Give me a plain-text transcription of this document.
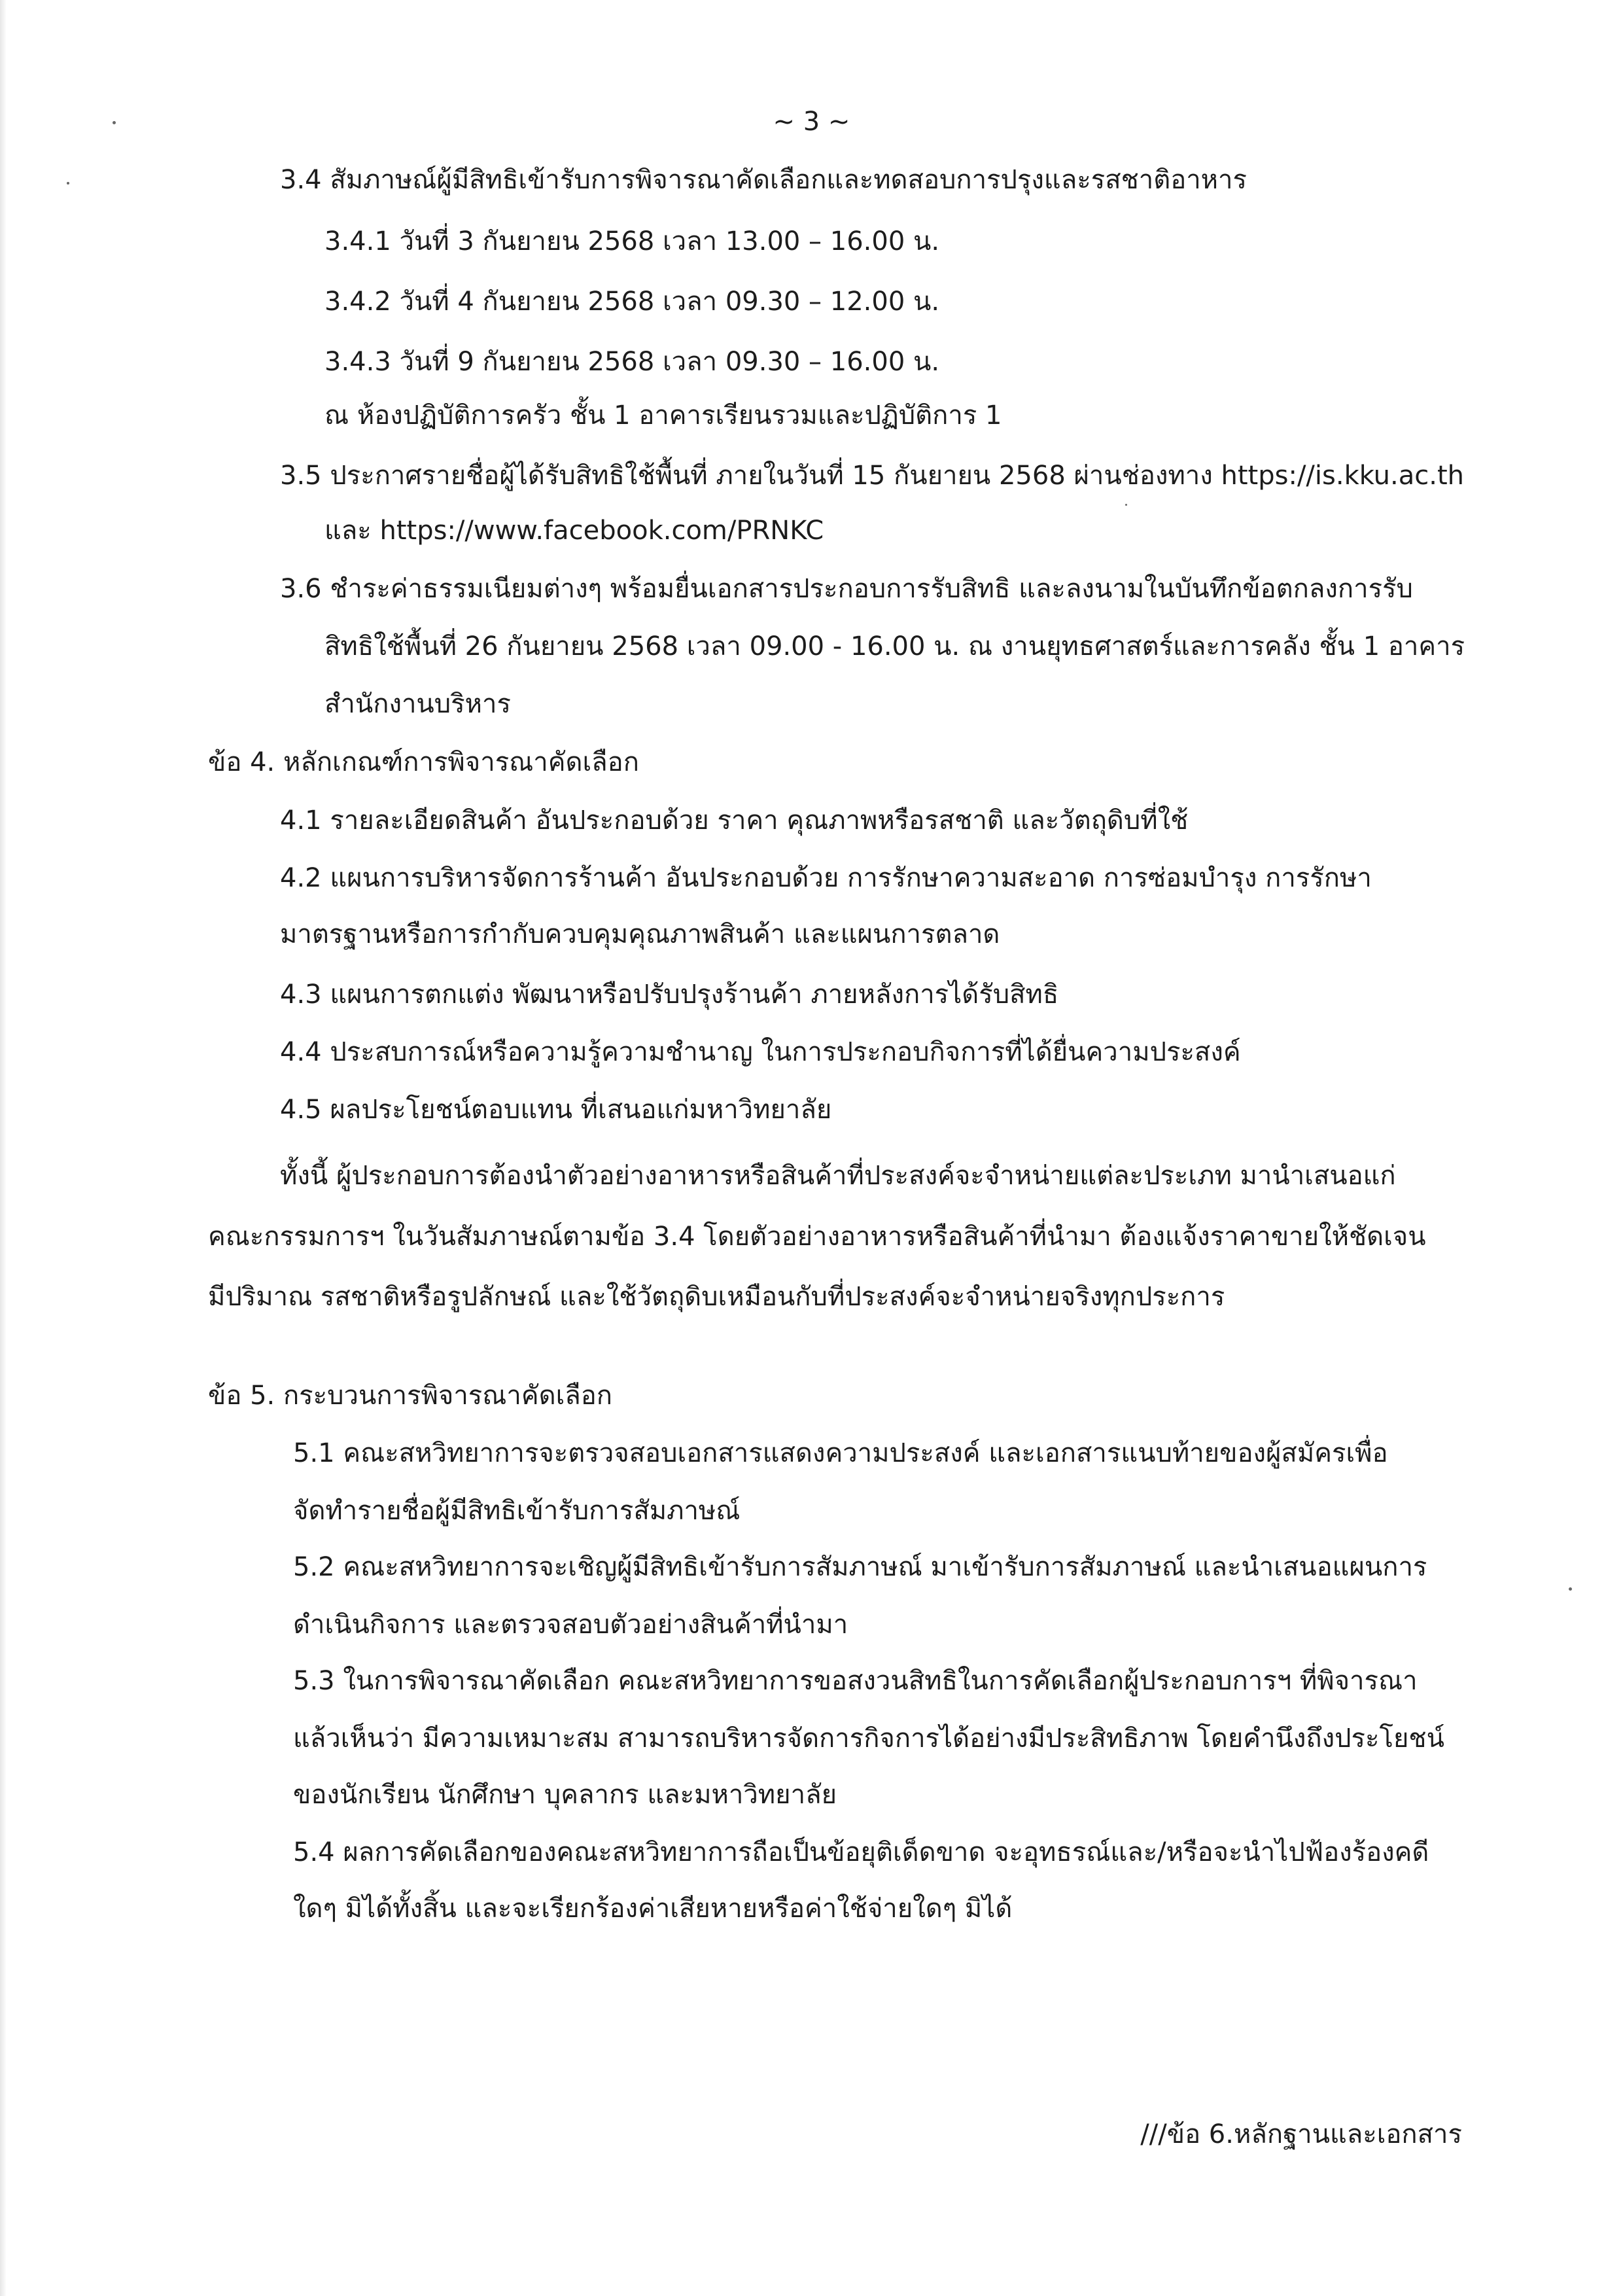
~ 3 ~
3.4 สัมภาษณ์ผู้มีสิทธิเข้ารับการพิจารณาคัดเลือกและทดสอบการปรุงและรสชาติอาหาร
3.4.1 วันที่ 3 กันยายน 2568 เวลา 13.00 – 16.00 น.
3.4.2 วันที่ 4 กันยายน 2568 เวลา 09.30 – 12.00 น.
3.4.3 วันที่ 9 กันยายน 2568 เวลา 09.30 – 16.00 น.
ณ ห้องปฏิบัติการครัว ชั้น 1 อาคารเรียนรวมและปฏิบัติการ 1
3.5 ประกาศรายชื่อผู้ได้รับสิทธิใช้พื้นที่ ภายในวันที่ 15 กันยายน 2568 ผ่านช่องทาง https://is.kku.ac.th
และ https://www.facebook.com/PRNKC
3.6 ชำระค่าธรรมเนียมต่างๆ พร้อมยื่นเอกสารประกอบการรับสิทธิ และลงนามในบันทึกข้อตกลงการรับ
สิทธิใช้พื้นที่ 26 กันยายน 2568 เวลา 09.00 - 16.00 น. ณ งานยุทธศาสตร์และการคลัง ชั้น 1 อาคาร
สำนักงานบริหาร
ข้อ 4. หลักเกณฑ์การพิจารณาคัดเลือก
4.1 รายละเอียดสินค้า อันประกอบด้วย ราคา คุณภาพหรือรสชาติ และวัตถุดิบที่ใช้
4.2 แผนการบริหารจัดการร้านค้า อันประกอบด้วย การรักษาความสะอาด การซ่อมบำรุง การรักษา
มาตรฐานหรือการกำกับควบคุมคุณภาพสินค้า และแผนการตลาด
4.3 แผนการตกแต่ง พัฒนาหรือปรับปรุงร้านค้า ภายหลังการได้รับสิทธิ
4.4 ประสบการณ์หรือความรู้ความชำนาญ ในการประกอบกิจการที่ได้ยื่นความประสงค์
4.5 ผลประโยชน์ตอบแทน ที่เสนอแก่มหาวิทยาลัย
ทั้งนี้ ผู้ประกอบการต้องนำตัวอย่างอาหารหรือสินค้าที่ประสงค์จะจำหน่ายแต่ละประเภท มานำเสนอแก่
คณะกรรมการฯ ในวันสัมภาษณ์ตามข้อ 3.4 โดยตัวอย่างอาหารหรือสินค้าที่นำมา ต้องแจ้งราคาขายให้ชัดเจน
มีปริมาณ รสชาติหรือรูปลักษณ์ และใช้วัตถุดิบเหมือนกับที่ประสงค์จะจำหน่ายจริงทุกประการ
ข้อ 5. กระบวนการพิจารณาคัดเลือก
5.1 คณะสหวิทยาการจะตรวจสอบเอกสารแสดงความประสงค์ และเอกสารแนบท้ายของผู้สมัครเพื่อ
จัดทำรายชื่อผู้มีสิทธิเข้ารับการสัมภาษณ์
5.2 คณะสหวิทยาการจะเชิญผู้มีสิทธิเข้ารับการสัมภาษณ์ มาเข้ารับการสัมภาษณ์ และนำเสนอแผนการ
ดำเนินกิจการ และตรวจสอบตัวอย่างสินค้าที่นำมา
5.3 ในการพิจารณาคัดเลือก คณะสหวิทยาการขอสงวนสิทธิในการคัดเลือกผู้ประกอบการฯ ที่พิจารณา
แล้วเห็นว่า มีความเหมาะสม สามารถบริหารจัดการกิจการได้อย่างมีประสิทธิภาพ โดยคำนึงถึงประโยชน์
ของนักเรียน นักศึกษา บุคลากร และมหาวิทยาลัย
5.4 ผลการคัดเลือกของคณะสหวิทยาการถือเป็นข้อยุติเด็ดขาด จะอุทธรณ์และ/หรือจะนำไปฟ้องร้องคดี
ใดๆ มิได้ทั้งสิ้น และจะเรียกร้องค่าเสียหายหรือค่าใช้จ่ายใดๆ มิได้
///ข้อ 6.หลักฐานและเอกสาร
